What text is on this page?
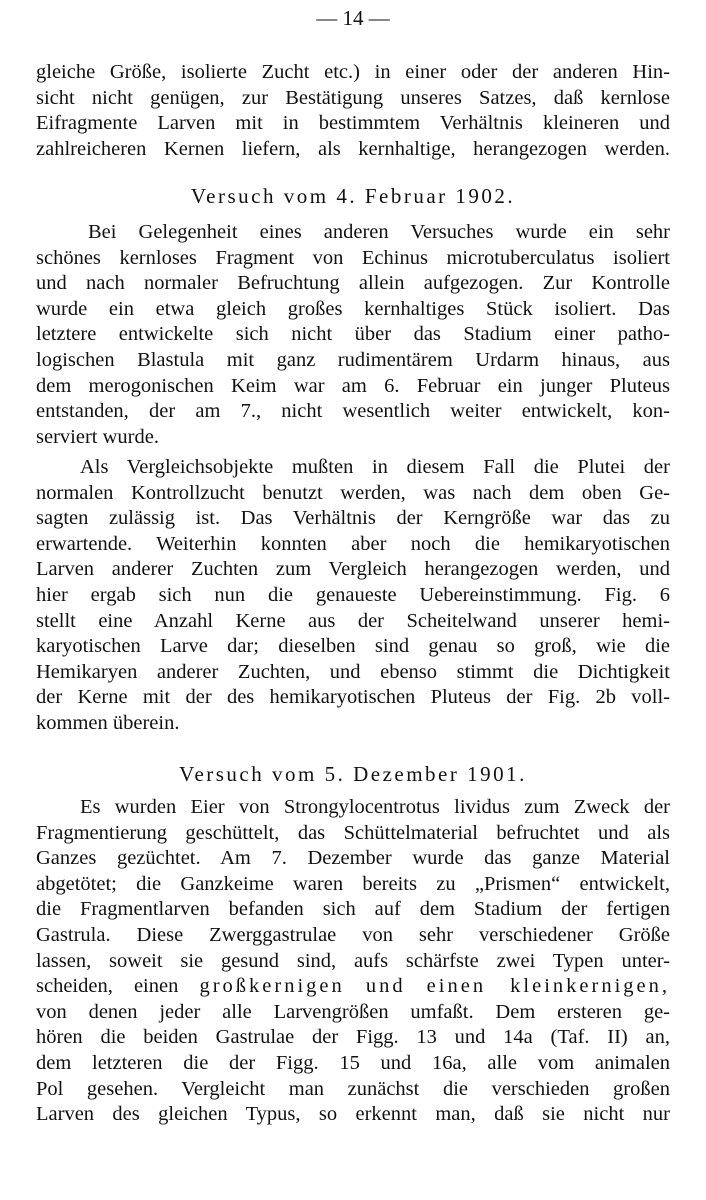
— 14 —
gleiche Größe, isolierte Zucht etc.) in einer oder der anderen Hin-
sicht nicht genügen, zur Bestätigung unseres Satzes, daß kernlose
Eifragmente Larven mit in bestimmtem Verhältnis kleineren und
zahlreicheren Kernen liefern, als kernhaltige, herangezogen werden.
Versuch vom 4. Februar 1902.
Bei Gelegenheit eines anderen Versuches wurde ein sehr
schönes kernloses Fragment von Echinus microtuberculatus isoliert
und nach normaler Befruchtung allein aufgezogen. Zur Kontrolle
wurde ein etwa gleich großes kernhaltiges Stück isoliert. Das
letztere entwickelte sich nicht über das Stadium einer patho-
logischen Blastula mit ganz rudimentärem Urdarm hinaus, aus
dem merogonischen Keim war am 6. Februar ein junger Pluteus
entstanden, der am 7., nicht wesentlich weiter entwickelt, kon-
serviert wurde.
Als Vergleichsobjekte mußten in diesem Fall die Plutei der
normalen Kontrollzucht benutzt werden, was nach dem oben Ge-
sagten zulässig ist. Das Verhältnis der Kerngröße war das zu
erwartende. Weiterhin konnten aber noch die hemikaryotischen
Larven anderer Zuchten zum Vergleich herangezogen werden, und
hier ergab sich nun die genaueste Uebereinstimmung. Fig. 6
stellt eine Anzahl Kerne aus der Scheitelwand unserer hemi-
karyotischen Larve dar; dieselben sind genau so groß, wie die
Hemikaryen anderer Zuchten, und ebenso stimmt die Dichtigkeit
der Kerne mit der des hemikaryotischen Pluteus der Fig. 2b voll-
kommen überein.
Versuch vom 5. Dezember 1901.
Es wurden Eier von Strongylocentrotus lividus zum Zweck der
Fragmentierung geschüttelt, das Schüttelmaterial befruchtet und als
Ganzes gezüchtet. Am 7. Dezember wurde das ganze Material
abgetötet; die Ganzkeime waren bereits zu „Prismen“ entwickelt,
die Fragmentlarven befanden sich auf dem Stadium der fertigen
Gastrula. Diese Zwerggastrulae von sehr verschiedener Größe
lassen, soweit sie gesund sind, aufs schärfste zwei Typen unter-
scheiden, einen großkernigen und einen kleinkernigen,
von denen jeder alle Larvengrößen umfaßt. Dem ersteren ge-
hören die beiden Gastrulae der Figg. 13 und 14a (Taf. II) an,
dem letzteren die der Figg. 15 und 16a, alle vom animalen
Pol gesehen. Vergleicht man zunächst die verschieden großen
Larven des gleichen Typus, so erkennt man, daß sie nicht nur
